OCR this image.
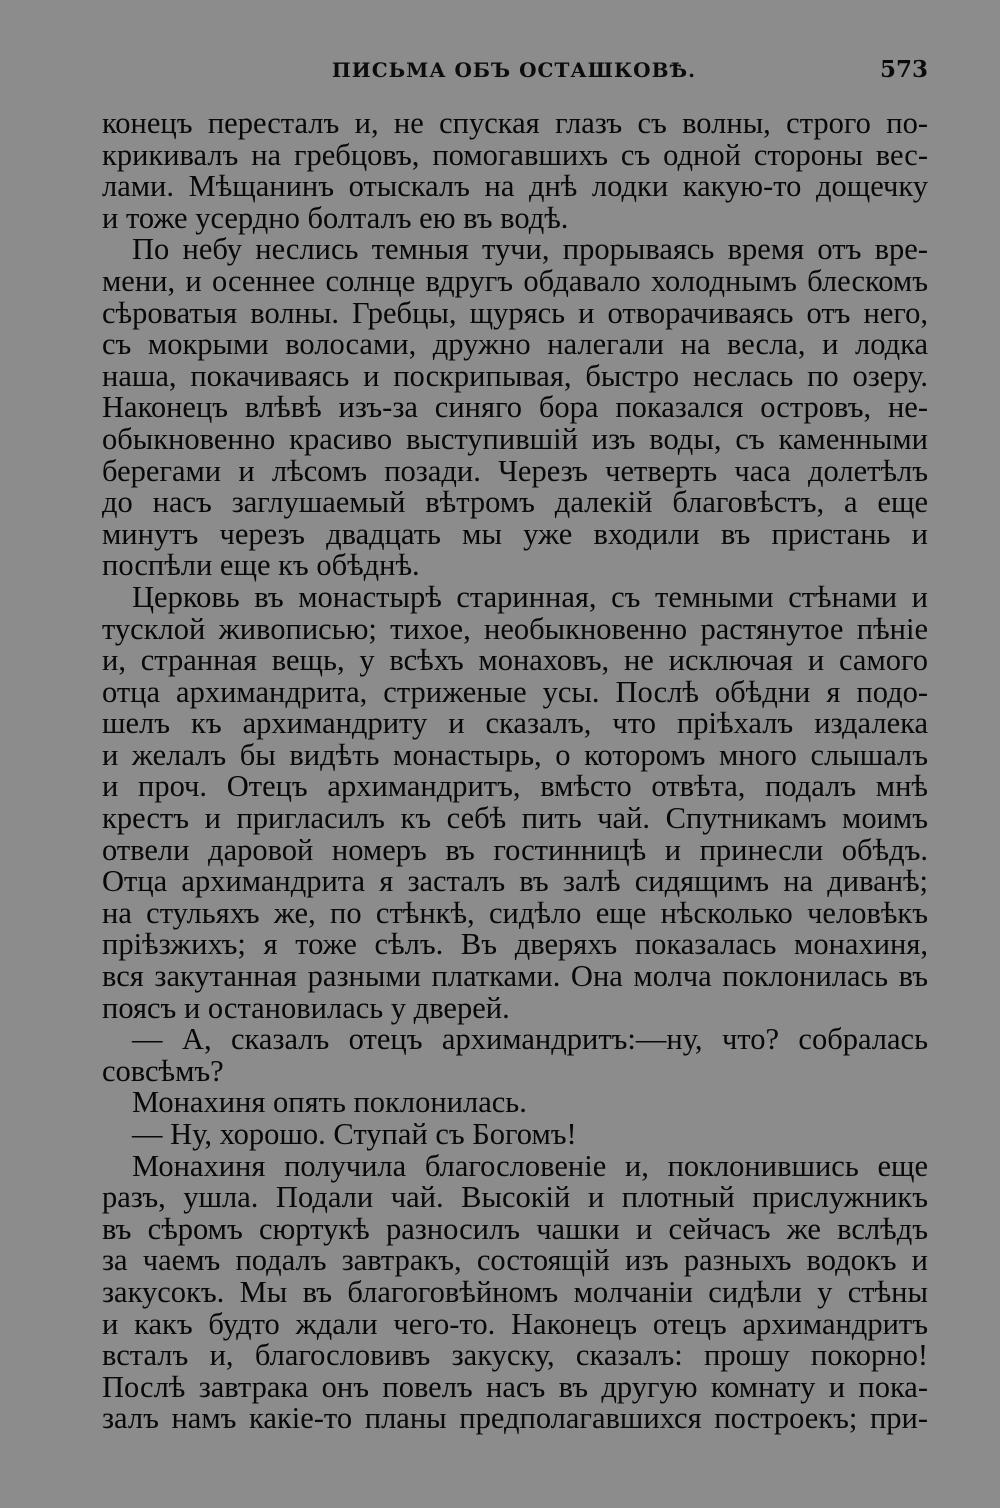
ПИСЬМА ОБЪ ОСТАШКОВѢ.	573
конецъ пересталъ и, не спуская глазъ съ волны, строго по-
крикивалъ на гребцовъ, помогавшихъ съ одной стороны вес-
лами. Мѣщанинъ отыскалъ на днѣ лодки какую-то дощечку
и тоже усердно болталъ ею въ водѣ.
По небу неслись темныя тучи, прорываясь время отъ вре-
мени, и осеннее солнце вдругъ обдавало холоднымъ блескомъ
сѣроватыя волны. Гребцы, щурясь и отворачиваясь отъ него,
съ мокрыми волосами, дружно налегали на весла, и лодка
наша, покачиваясь и поскрипывая, быстро неслась по озеру.
Наконецъ влѣвѣ изъ-за синяго бора показался островъ, не-
обыкновенно красиво выступившій изъ воды, съ каменными
берегами и лѣсомъ позади. Черезъ четверть часа долетѣлъ
до насъ заглушаемый вѣтромъ далекій благовѣстъ, а еще
минутъ черезъ двадцать мы уже входили въ пристань и
поспѣли еще къ обѣднѣ.
Церковь въ монастырѣ старинная, съ темными стѣнами и
тусклой живописью; тихое, необыкновенно растянутое пѣніе
и, странная вещь, у всѣхъ монаховъ, не исключая и самого
отца архимандрита, стриженые усы. Послѣ обѣдни я подо-
шелъ къ архимандриту и сказалъ, что пріѣхалъ издалека
и желалъ бы видѣть монастырь, о которомъ много слышалъ
и проч. Отецъ архимандритъ, вмѣсто отвѣта, подалъ мнѣ
крестъ и пригласилъ къ себѣ пить чай. Спутникамъ моимъ
отвели даровой номеръ въ гостинницѣ и принесли обѣдъ.
Отца архимандрита я засталъ въ залѣ сидящимъ на диванѣ;
на стульяхъ же, по стѣнкѣ, сидѣло еще нѣсколько человѣкъ
пріѣзжихъ; я тоже сѣлъ. Въ дверяхъ показалась монахиня,
вся закутанная разными платками. Она молча поклонилась въ
поясъ и остановилась у дверей.
— А, сказалъ отецъ архимандритъ:—ну, что? собралась
совсѣмъ?
Монахиня опять поклонилась.
— Ну, хорошо. Ступай съ Богомъ!
Монахиня получила благословеніе и, поклонившись еще
разъ, ушла. Подали чай. Высокій и плотный прислужникъ
въ сѣромъ сюртукѣ разносилъ чашки и сейчасъ же вслѣдъ
за чаемъ подалъ завтракъ, состоящій изъ разныхъ водокъ и
закусокъ. Мы въ благоговѣйномъ молчаніи сидѣли у стѣны
и какъ будто ждали чего-то. Наконецъ отецъ архимандритъ
всталъ и, благословивъ закуску, сказалъ: прошу покорно!
Послѣ завтрака онъ повелъ насъ въ другую комнату и пока-
залъ намъ какіе-то планы предполагавшихся построекъ; при-
